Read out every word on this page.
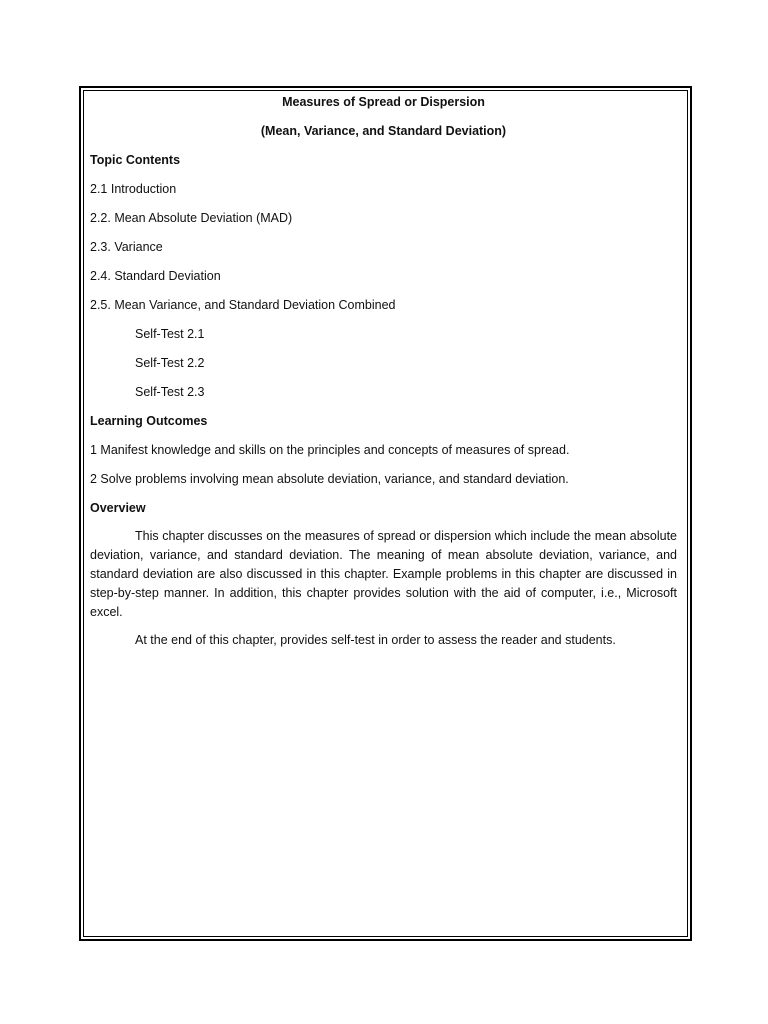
Measures of Spread or Dispersion
(Mean, Variance, and Standard Deviation)
Topic Contents
2.1 Introduction
2.2. Mean Absolute Deviation (MAD)
2.3. Variance
2.4. Standard Deviation
2.5. Mean Variance, and Standard Deviation Combined
Self-Test 2.1
Self-Test 2.2
Self-Test 2.3
Learning Outcomes
1 Manifest knowledge and skills on the principles and concepts of measures of spread.
2 Solve problems involving mean absolute deviation, variance, and standard deviation.
Overview
This chapter discusses on the measures of spread or dispersion which include the mean absolute deviation, variance, and standard deviation. The meaning of mean absolute deviation, variance, and standard deviation are also discussed in this chapter. Example problems in this chapter are discussed in step-by-step manner. In addition, this chapter provides solution with the aid of computer, i.e., Microsoft excel.
At the end of this chapter, provides self-test in order to assess the reader and students.
